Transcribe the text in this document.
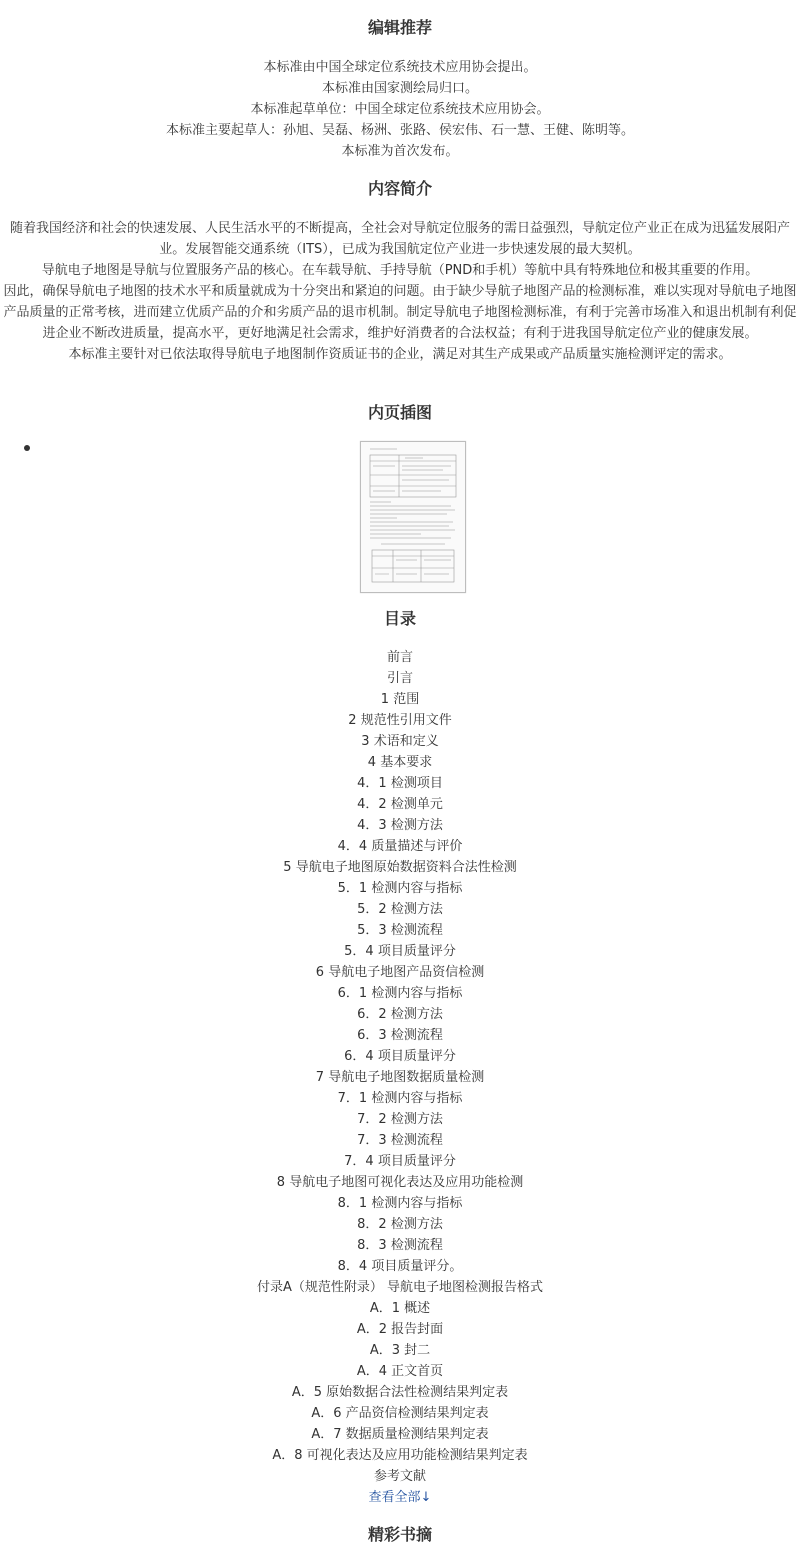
编辑推荐
本标准由中国全球定位系统技术应用协会提出。
本标准由国家测绘局归口。
本标准起草单位：中国全球定位系统技术应用协会。
本标准主要起草人：孙旭、吴磊、杨洲、张路、侯宏伟、石一慧、王健、陈明等。
本标准为首次发布。
内容简介

随着我国经济和社会的快速发展、人民生活水平的不断提高，全社会对导航定位服务的需日益强烈，导航定位产业正在成为迅猛发展阳产业。发展智能交通系统（ITS），已成为我国航定位产业进一步快速发展的最大契机。

导航电子地图是导航与位置服务产品的核心。在车载导航、手持导航（PND和手机）等航中具有特殊地位和极其重要的作用。

因此，确保导航电子地图的技术水平和质量就成为十分突出和紧迫的问题。由于缺少导航子地图产品的检测标准，难以实现对导航电子地图产品质量的正常考核，进而建立优质产品的介和劣质产品的退市机制。制定导航电子地图检测标准，有利于完善市场准入和退出机制有利促进企业不断改进质量，提高水平，更好地满足社会需求，维护好消费者的合法权益；有利于进我国导航定位产业的健康发展。

本标准主要针对已依法取得导航电子地图制作资质证书的企业，满足对其生产成果或产品质量实施检测评定的需求。

内页插图
目录
前言
引言
1 范围
2 规范性引用文件
3 术语和定义
4 基本要求
4．1 检测项目
4．2 检测单元
4．3 检测方法
4．4 质量描述与评价
5 导航电子地图原始数据资料合法性检测
5．1 检测内容与指标
5．2 检测方法
5．3 检测流程
5．4 项目质量评分
6 导航电子地图产品资信检测
6．1 检测内容与指标
6．2 检测方法
6．3 检测流程
6．4 项目质量评分
7 导航电子地图数据质量检测
7．1 检测内容与指标
7．2 检测方法
7．3 检测流程
7．4 项目质量评分
8 导航电子地图可视化表达及应用功能检测
8．1 检测内容与指标
8．2 检测方法
8．3 检测流程
8．4 项目质量评分。
付录A（规范性附录） 导航电子地图检测报告格式
A．1 概述
A．2 报告封面
A．3 封二
A．4 正文首页
A．5 原始数据合法性检测结果判定表
A．6 产品资信检测结果判定表
A．7 数据质量检测结果判定表
A．8 可视化表达及应用功能检测结果判定表
参考文献
查看全部↓
精彩书摘
